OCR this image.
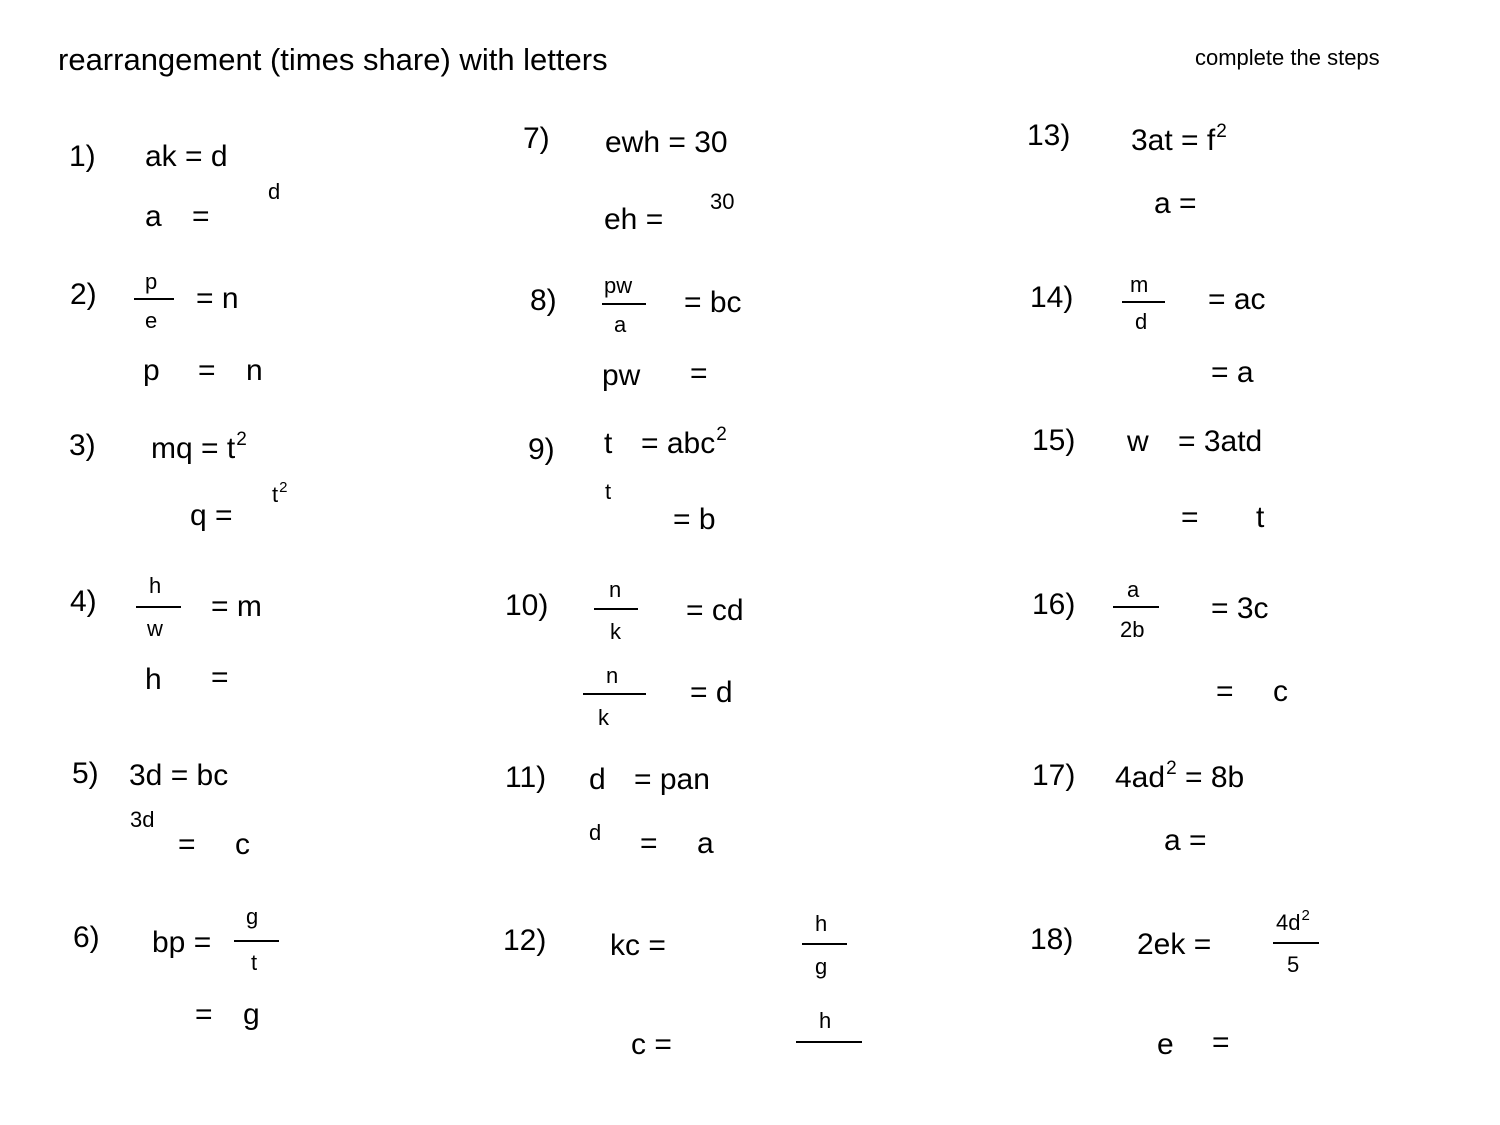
rearrangement (times share) with letters	complete the steps
1) ak = d
a =
d
2) p
e
= n
p = n
3) mq = $t^2$
q =
$t^2$
4) h
w
= m
h =
5) 3d = bc
3d
= c
6) bp =
g
t
= g
7) ewh = 30
eh =
30
8) pw
a
= bc
pw =
9) t = abc$^2$
t
= b
10)	n
k
= cd
n
k
= d
11) d = pan
d = a
12) kc =
h
g
c =
h
13) $3at = f^2$
a =
14)	m
d
= ac
= a
15) w = 3atd
= t
16) a
2b
= 3c
= c
17) $4ad^2 = 8b$
a =
18) 2ek =
$4d^2$
5
e =
